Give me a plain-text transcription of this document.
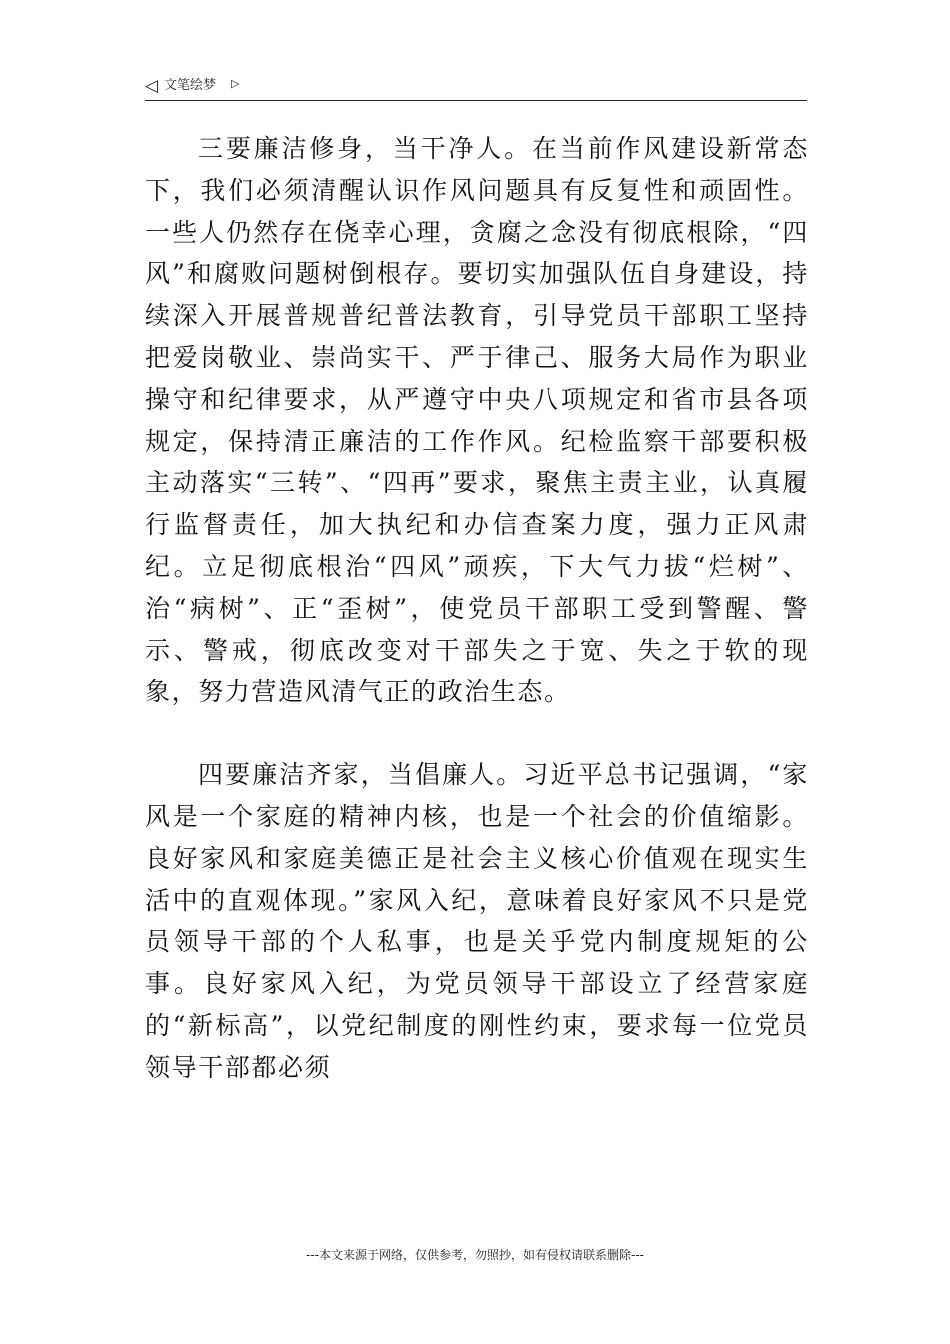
◁ 文笔绘梦 ▷

三要廉洁修身，当干净人。在当前作风建设新常态下，我们必须清醒认识作风问题具有反复性和顽固性。一些人仍然存在侥幸心理，贪腐之念没有彻底根除，“四风”和腐败问题树倒根存。要切实加强队伍自身建设，持续深入开展普规普纪普法教育，引导党员干部职工坚持把爱岗敬业、崇尚实干、严于律己、服务大局作为职业操守和纪律要求，从严遵守中央八项规定和省市县各项规定，保持清正廉洁的工作作风。纪检监察干部要积极主动落实“三转”、“四再”要求，聚焦主责主业，认真履行监督责任，加大执纪和办信查案力度，强力正风肃纪。立足彻底根治“四风”顽疾，下大气力拔“烂树”、治“病树”、正“歪树”，使党员干部职工受到警醒、警示、警戒，彻底改变对干部失之于宽、失之于软的现象，努力营造风清气正的政治生态。

四要廉洁齐家，当倡廉人。习近平总书记强调，“家风是一个家庭的精神内核，也是一个社会的价值缩影。良好家风和家庭美德正是社会主义核心价值观在现实生活中的直观体现。”家风入纪，意味着良好家风不只是党员领导干部的个人私事，也是关乎党内制度规矩的公事。良好家风入纪，为党员领导干部设立了经营家庭的“新标高”，以党纪制度的刚性约束，要求每一位党员领导干部都必须

---本文来源于网络，仅供参考，勿照抄，如有侵权请联系删除---
